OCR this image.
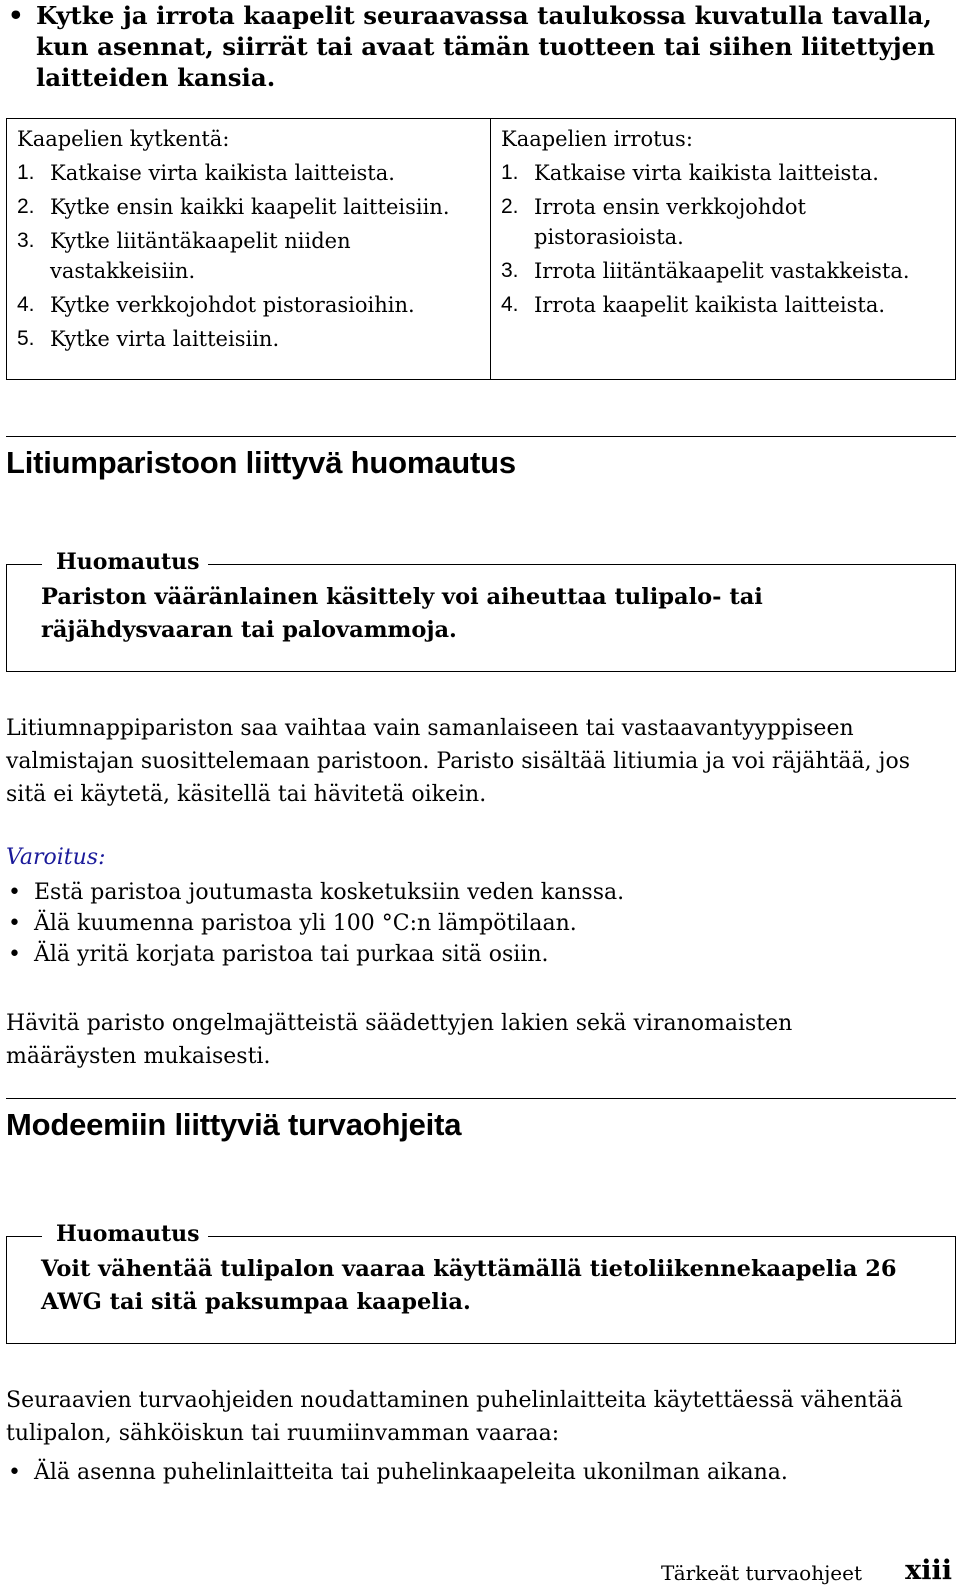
• Kytke ja irrota kaapelit seuraavassa taulukossa kuvatulla tavalla, kun asennat, siirrät tai avaat tämän tuotteen tai siihen liitettyjen laitteiden kansia.
Kaapelien kytkentä:
1. Katkaise virta kaikista laitteista.
2. Kytke ensin kaikki kaapelit laitteisiin.
3. Kytke liitäntäkaapelit niiden vastakkeisiin.
4. Kytke verkkojohdot pistorasioihin.
5. Kytke virta laitteisiin.
Kaapelien irrotus:
1. Katkaise virta kaikista laitteista.
2. Irrota ensin verkkojohdot pistorasioista.
3. Irrota liitäntäkaapelit vastakkeista.
4. Irrota kaapelit kaikista laitteista.
Litiumparistoon liittyvä huomautus
Huomautus
Pariston vääränlainen käsittely voi aiheuttaa tulipalo- tai räjähdysvaaran tai palovammoja.
Litiumnappipariston saa vaihtaa vain samanlaiseen tai vastaavantyyppiseen valmistajan suosittelemaan paristoon. Paristo sisältää litiumia ja voi räjähtää, jos sitä ei käytetä, käsitellä tai hävitetä oikein.
Varoitus:
• Estä paristoa joutumasta kosketuksiin veden kanssa.
• Älä kuumenna paristoa yli 100 °C:n lämpötilaan.
• Älä yritä korjata paristoa tai purkaa sitä osiin.
Hävitä paristo ongelmajätteistä säädettyjen lakien sekä viranomaisten määräysten mukaisesti.
Modeemiin liittyviä turvaohjeita
Huomautus
Voit vähentää tulipalon vaaraa käyttämällä tietoliikennekaapelia 26 AWG tai sitä paksumpaa kaapelia.
Seuraavien turvaohjeiden noudattaminen puhelinlaitteita käytettäessä vähentää tulipalon, sähköiskun tai ruumiinvamman vaaraa:
• Älä asenna puhelinlaitteita tai puhelinkaapeleita ukonilman aikana.
Tärkeät turvaohjeet xiii
